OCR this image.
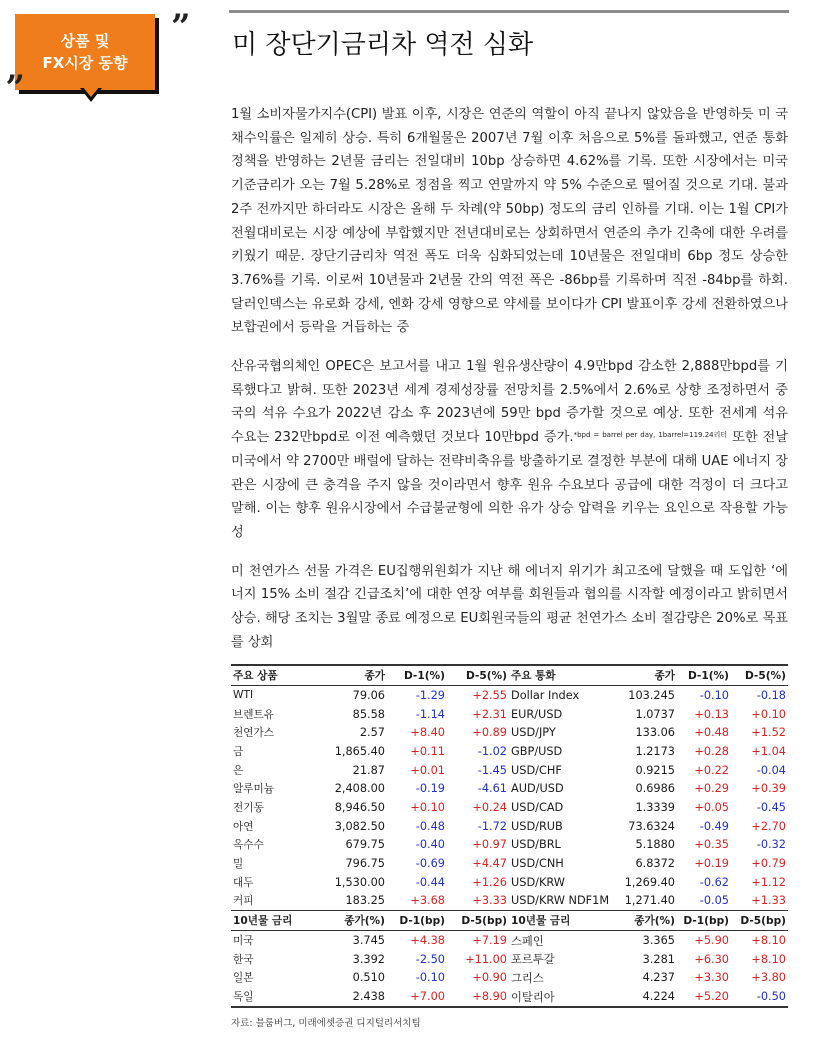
상품 및
FX시장 동향
”
„
미 장단기금리차 역전 심화

1월 소비자물가지수(CPI) 발표 이후, 시장은 연준의 역할이 아직 끝나지 않았음을 반영하듯 미 국채수익률은 일제히 상승. 특히 6개월물은 2007년 7월 이후 처음으로 5%를 돌파했고, 연준 통화 정책을 반영하는 2년물 금리는 전일대비 10bp 상승하면 4.62%를 기록. 또한 시장에서는 미국 기준금리가 오는 7월 5.28%로 정점을 찍고 연말까지 약 5% 수준으로 떨어질 것으로 기대. 불과 2주 전까지만 하더라도 시장은 올해 두 차례(약 50bp) 정도의 금리 인하를 기대. 이는 1월 CPI가 전월대비로는 시장 예상에 부합했지만 전년대비로는 상회하면서 연준의 추가 긴축에 대한 우려를 키웠기 때문. 장단기금리차 역전 폭도 더욱 심화되었는데 10년물은 전일대비 6bp 정도 상승한 3.76%를 기록. 이로써 10년물과 2년물 간의 역전 폭은 -86bp를 기록하며 직전 -84bp를 하회. 달러인덱스는 유로화 강세, 엔화 강세 영향으로 약세를 보이다가 CPI 발표이후 강세 전환하였으나 보합권에서 등락을 거듭하는 중

산유국협의체인 OPEC은 보고서를 내고 1월 원유생산량이 4.9만bpd 감소한 2,888만bpd를 기록했다고 밝혀. 또한 2023년 세계 경제성장률 전망치를 2.5%에서 2.6%로 상향 조정하면서 중국의 석유 수요가 2022년 감소 후 2023년에 59만 bpd 증가할 것으로 예상. 또한 전세계 석유 수요는 232만bpd로 이전 예측했던 것보다 10만bpd 증가.$^{*bpd = barrel per day, 1barrel=119.24리터}$ 또한 전날 미국에서 약 2700만 배럴에 달하는 전략비축유를 방출하기로 결정한 부분에 대해 UAE 에너지 장관은 시장에 큰 충격을 주지 않을 것이라면서 향후 원유 수요보다 공급에 대한 걱정이 더 크다고 말해. 이는 향후 원유시장에서 수급불균형에 의한 유가 상승 압력을 키우는 요인으로 작용할 가능성

미 천연가스 선물 가격은 EU집행위원회가 지난 해 에너지 위기가 최고조에 달했을 때 도입한 ‘에너지 15% 소비 절감 긴급조치’에 대한 연장 여부를 회원들과 협의를 시작할 예정이라고 밝히면서 상승. 해당 조치는 3월말 종료 예정으로 EU회원국들의 평균 천연가스 소비 절감량은 20%로 목표를 상회

주요 상품	종가	D-1(%)	D-5(%)	주요 통화	종가	D-1(%)	D-5(%)
WTI	79.06	-1.29	+2.55	Dollar Index	103.245	-0.10	-0.18
브렌트유	85.58	-1.14	+2.31	EUR/USD	1.0737	+0.13	+0.10
천연가스	2.57	+8.40	+0.89	USD/JPY	133.06	+0.48	+1.52
금	1,865.40	+0.11	-1.02	GBP/USD	1.2173	+0.28	+1.04
은	21.87	+0.01	-1.45	USD/CHF	0.9215	+0.22	-0.04
알루미늄	2,408.00	-0.19	-4.61	AUD/USD	0.6986	+0.29	+0.39
전기동	8,946.50	+0.10	+0.24	USD/CAD	1.3339	+0.05	-0.45
아연	3,082.50	-0.48	-1.72	USD/RUB	73.6324	-0.49	+2.70
옥수수	679.75	-0.40	+0.97	USD/BRL	5.1880	+0.35	-0.32
밀	796.75	-0.69	+4.47	USD/CNH	6.8372	+0.19	+0.79
대두	1,530.00	-0.44	+1.26	USD/KRW	1,269.40	-0.62	+1.12
커피	183.25	+3.68	+3.33	USD/KRW NDF1M	1,271.40	-0.05	+1.33
10년물 금리	종가(%)	D-1(bp)	D-5(bp)	10년물 금리	종가(%)	D-1(bp)	D-5(bp)
미국	3.745	+4.38	+7.19	스페인	3.365	+5.90	+8.10
한국	3.392	-2.50	+11.00	포르투갈	3.281	+6.30	+8.10
일본	0.510	-0.10	+0.90	그리스	4.237	+3.30	+3.80
독일	2.438	+7.00	+8.90	이탈리아	4.224	+5.20	-0.50
자료: 블룸버그, 미래에셋증권 디지털리서치팀
